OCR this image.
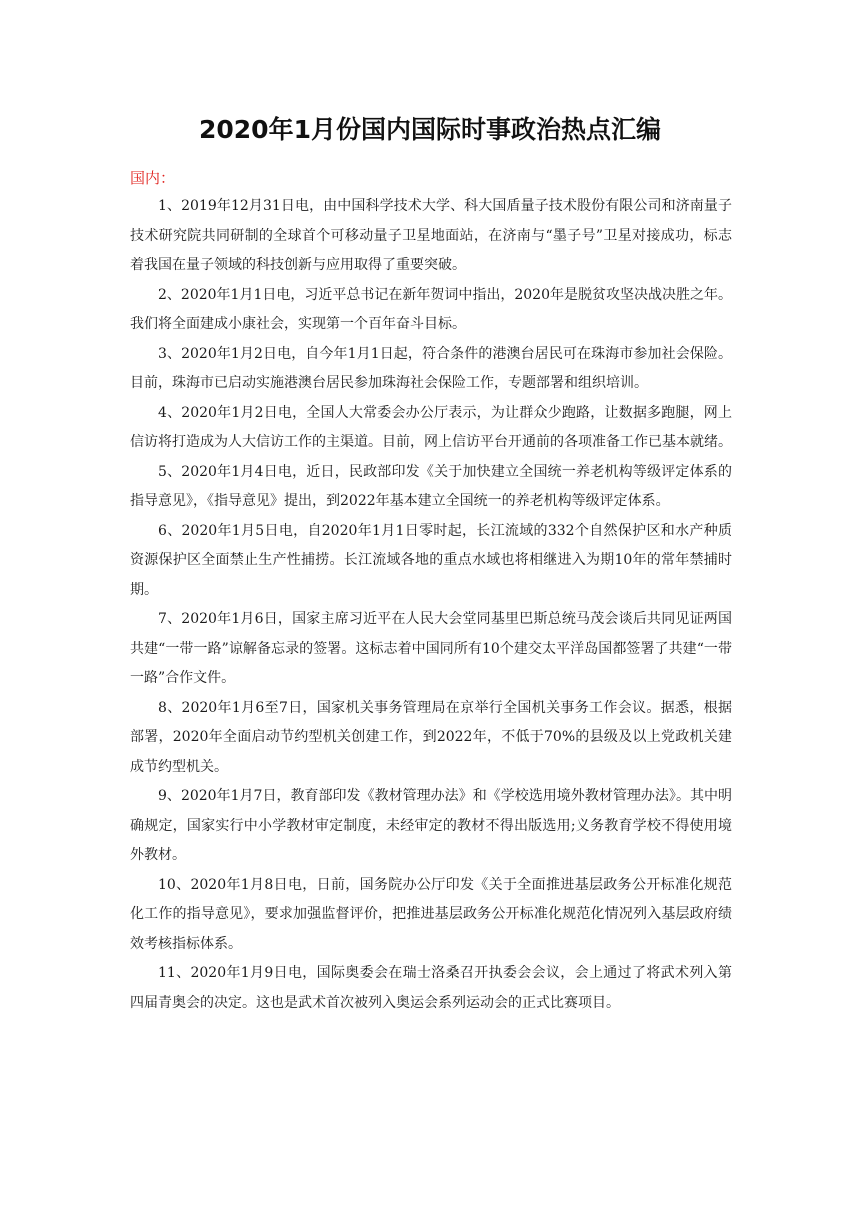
2020年1月份国内国际时事政治热点汇编

国内：

1、2019年12月31日电，由中国科学技术大学、科大国盾量子技术股份有限公司和济南量子技术研究院共同研制的全球首个可移动量子卫星地面站，在济南与“墨子号”卫星对接成功，标志着我国在量子领域的科技创新与应用取得了重要突破。

2、2020年1月1日电，习近平总书记在新年贺词中指出，2020年是脱贫攻坚决战决胜之年。我们将全面建成小康社会，实现第一个百年奋斗目标。

3、2020年1月2日电，自今年1月1日起，符合条件的港澳台居民可在珠海市参加社会保险。目前，珠海市已启动实施港澳台居民参加珠海社会保险工作，专题部署和组织培训。

4、2020年1月2日电，全国人大常委会办公厅表示，为让群众少跑路，让数据多跑腿，网上信访将打造成为人大信访工作的主渠道。目前，网上信访平台开通前的各项准备工作已基本就绪。

5、2020年1月4日电，近日，民政部印发《关于加快建立全国统一养老机构等级评定体系的指导意见》，《指导意见》提出，到2022年基本建立全国统一的养老机构等级评定体系。

6、2020年1月5日电，自2020年1月1日零时起，长江流域的332个自然保护区和水产种质资源保护区全面禁止生产性捕捞。长江流域各地的重点水域也将相继进入为期10年的常年禁捕时期。

7、2020年1月6日，国家主席习近平在人民大会堂同基里巴斯总统马茂会谈后共同见证两国共建“一带一路”谅解备忘录的签署。这标志着中国同所有10个建交太平洋岛国都签署了共建“一带一路”合作文件。

8、2020年1月6至7日，国家机关事务管理局在京举行全国机关事务工作会议。据悉，根据部署，2020年全面启动节约型机关创建工作，到2022年，不低于70%的县级及以上党政机关建成节约型机关。

9、2020年1月7日，教育部印发《教材管理办法》和《学校选用境外教材管理办法》。其中明确规定，国家实行中小学教材审定制度，未经审定的教材不得出版选用;义务教育学校不得使用境外教材。

10、2020年1月8日电，日前，国务院办公厅印发《关于全面推进基层政务公开标准化规范化工作的指导意见》，要求加强监督评价，把推进基层政务公开标准化规范化情况列入基层政府绩效考核指标体系。

11、2020年1月9日电，国际奥委会在瑞士洛桑召开执委会会议，会上通过了将武术列入第四届青奥会的决定。这也是武术首次被列入奥运会系列运动会的正式比赛项目。
